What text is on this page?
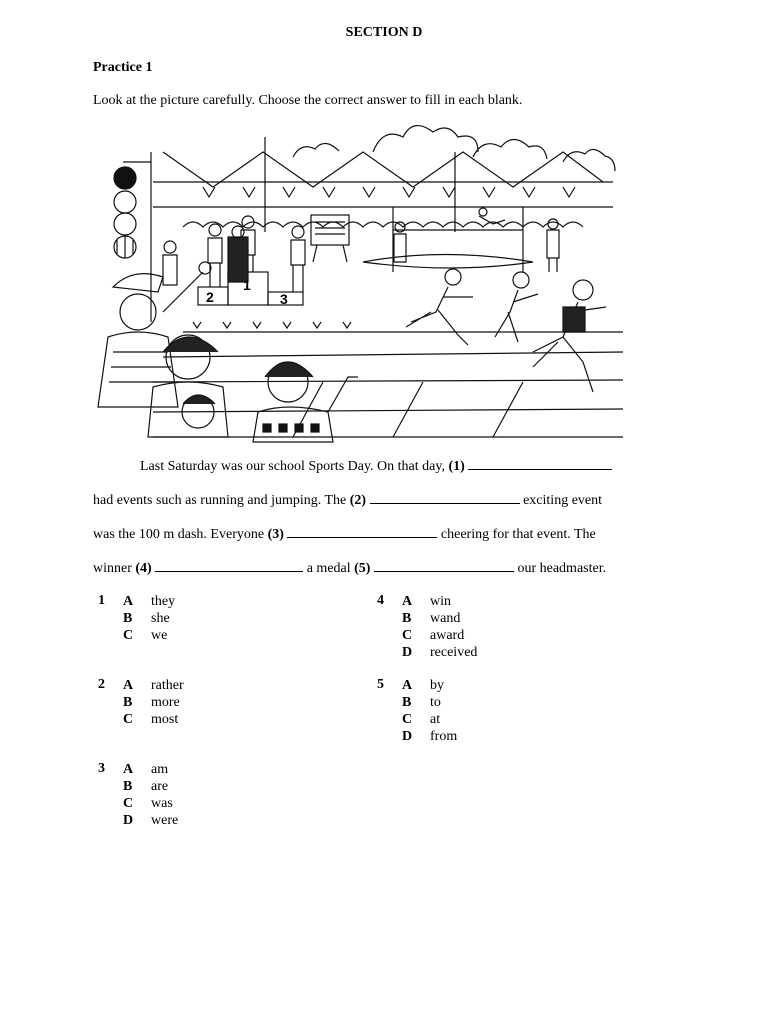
SECTION D
Practice 1
Look at the picture carefully. Choose the correct answer to fill in each blank.
2
1
3
Last Saturday was our school Sports Day. On that day, (1)
had events such as running and jumping. The (2)	exciting event
was the 100 m dash. Everyone (3)	cheering for that event. The
winner (4)	a medal (5)	our headmaster.
1 A they
B she
C we
2 A rather
B more
C most
3 A am
B are
C was
D were
4 A win
B wand
C award
D received
5 A by
B to
C at
D from
